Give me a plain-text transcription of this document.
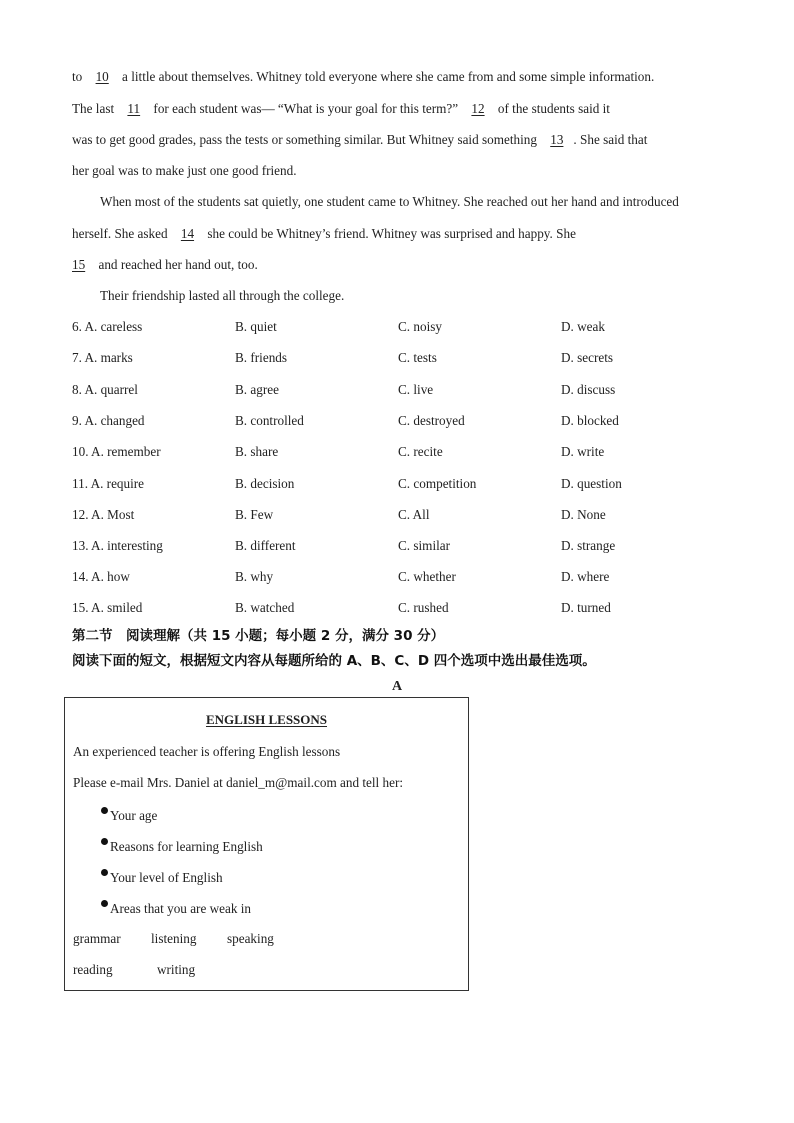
to 10 a little about themselves. Whitney told everyone where she came from and some simple information.
The last 11 for each student was— “What is your goal for this term?” 12 of the students said it
was to get good grades, pass the tests or something similar. But Whitney said something 13 . She said that
her goal was to make just one good friend.
When most of the students sat quietly, one student came to Whitney. She reached out her hand and introduced
herself. She asked 14 she could be Whitney’s friend. Whitney was surprised and happy. She
15 and reached her hand out, too.
Their friendship lasted all through the college.
6. A. careless	B. quiet	C. noisy	D. weak
7. A. marks	B. friends	C. tests	D. secrets
8. A. quarrel	B. agree	C. live	D. discuss
9. A. changed	B. controlled	C. destroyed	D. blocked
10. A. remember	B. share	C. recite	D. write
11. A. require	B. decision	C. competition	D. question
12. A. Most	B. Few	C. All	D. None
13. A. interesting	B. different	C. similar	D. strange
14. A. how	B. why	C. whether	D. where
15. A. smiled	B. watched	C. rushed	D. turned
第二节　阅读理解（共 15 小题；每小题 2 分，满分 30 分）
阅读下面的短文，根据短文内容从每题所给的 A、B、C、D 四个选项中选出最佳选项。
A
ENGLISH LESSONS
An experienced teacher is offering English lessons
Please e-mail Mrs. Daniel at daniel_m@mail.com and tell her:
Your age
Reasons for learning English
Your level of English
Areas that you are weak in
grammar listening speaking
reading	writing
